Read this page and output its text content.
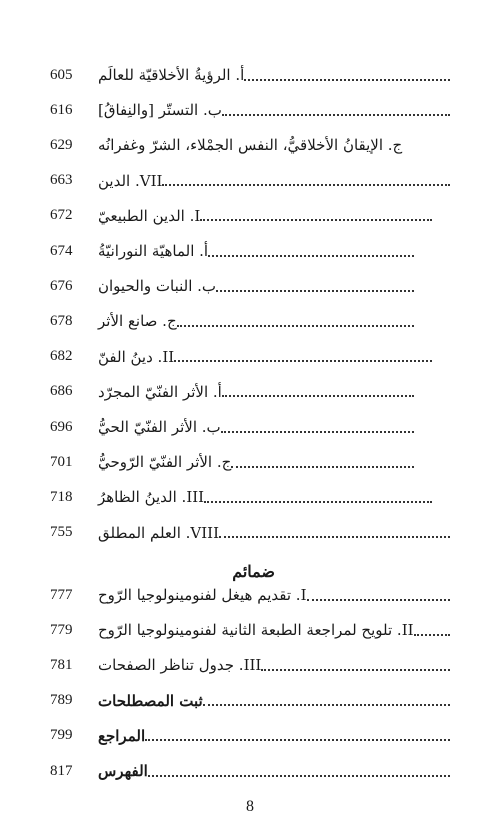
605	أ. الرؤيةُ الأخلاقيّة للعالَم
616	ب. التستّر [والنِفاقُ]
629	ج. الإيقانُ الأخلاقيُّ، النفس الجمْلاء، الشرّ وغفرانُه
663	VII. الدين
672	I. الدين الطبيعيّ
674	أ. الماهيّة النورانيّةُ
676	ب. النبات والحيوان
678	ج. صانع الأثر
682	II. دينُ الفنّ
686	أ. الأثر الفنّيّ المجرّد
696	ب. الأثر الفنّيّ الحيُّ
701	ج. الأثر الفنّيّ الرّوحيُّ
718	III. الدينُ الظاهرُ
755	VIII. العلم المطلق
ضمائم
777	I. تقديم هيغل لفنومينولوجيا الرّوح
779	II. تلويح لمراجعة الطبعة الثانية لفنومينولوجيا الرّوح
781	III. جدول تناظر الصفحات
789	ثبت المصطلحات
799	المراجع
817	الفهرس
8
